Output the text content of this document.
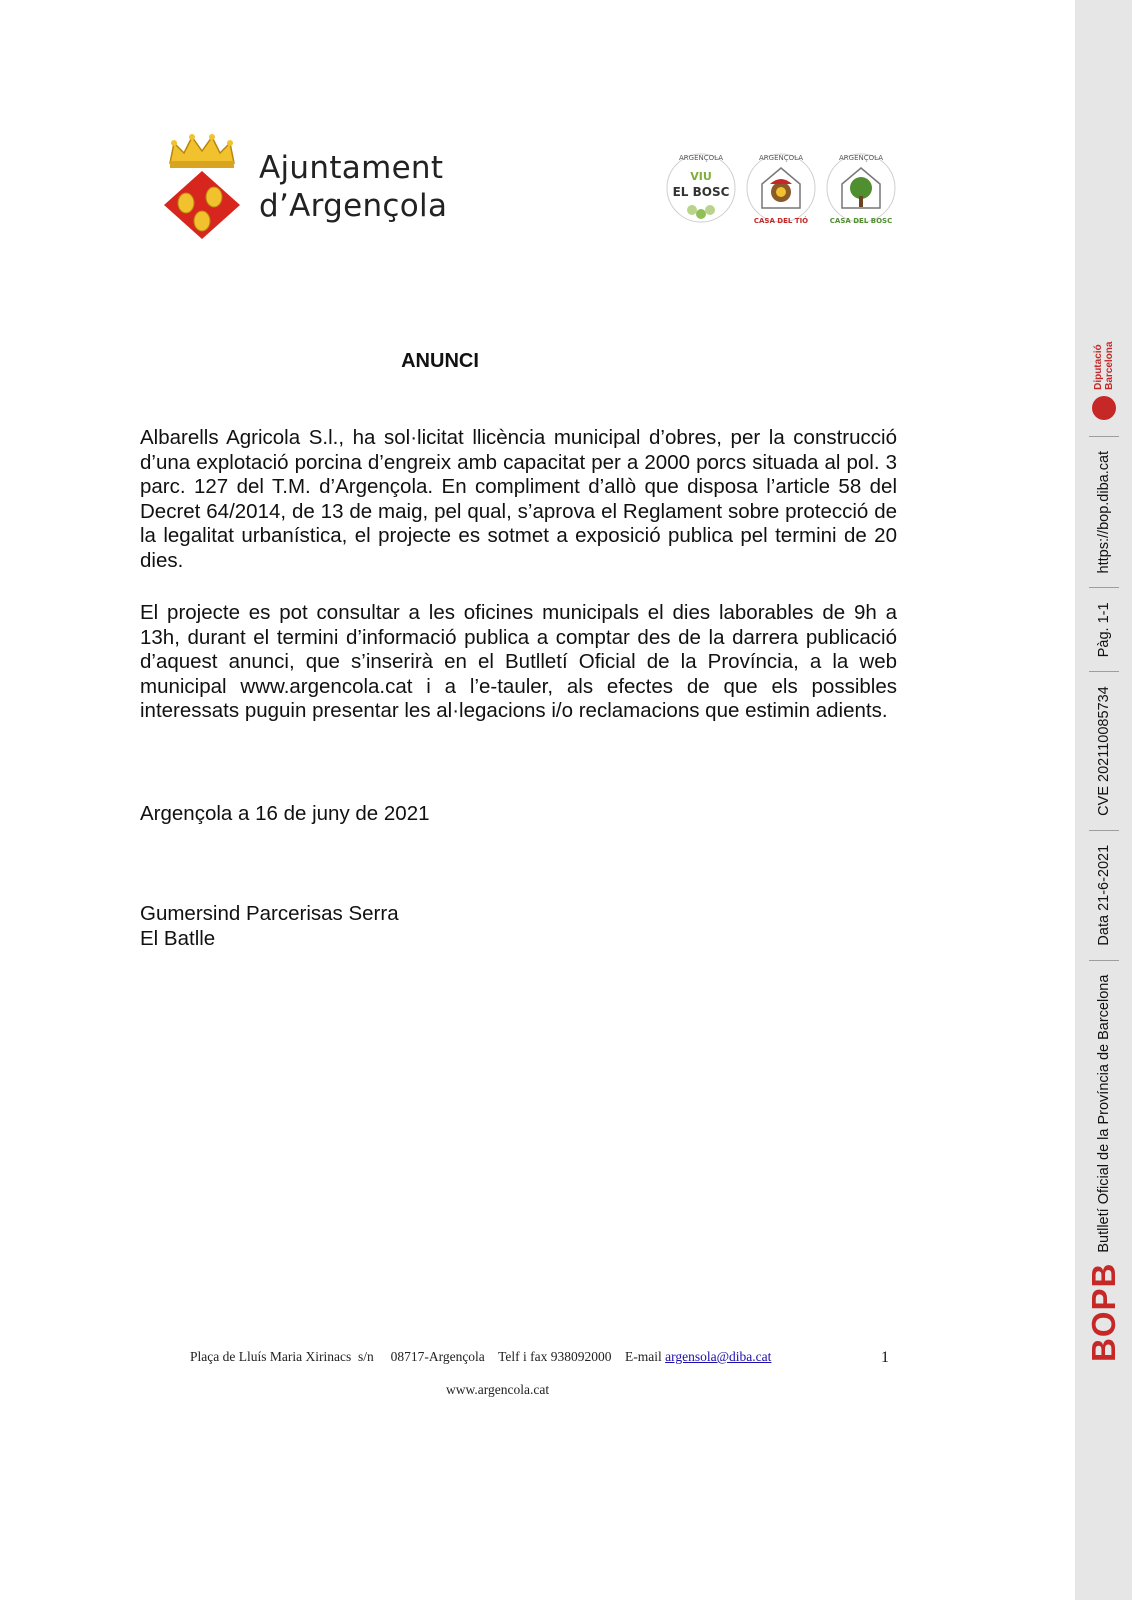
Ajuntament
d’Argençola
ARGENÇOLA
VIU
EL BOSC
ARGENÇOLA
CASA DEL TIÓ
ARGENÇOLA
CASA DEL BOSC
ANUNCI

Albarells Agricola S.l., ha sol·licitat llicència municipal d’obres, per la construcció d’una explotació porcina d’engreix amb capacitat per a 2000 porcs situada al pol. 3 parc. 127 del T.M. d’Argençola. En compliment d’allò que disposa l’article 58 del Decret 64/2014, de 13 de maig, pel qual, s’aprova el Reglament sobre protecció de la legalitat urbanística, el projecte es sotmet a exposició publica pel termini de 20 dies.

El projecte es pot consultar a les oficines municipals el dies laborables de 9h a 13h, durant el termini d’informació publica a comptar des de la darrera publicació d’aquest anunci, que s’inserirà en el Butlletí Oficial de la Província, a la web municipal www.argencola.cat i a l’e-tauler, als efectes de que els possibles interessats puguin presentar les al·legacions i/o reclamacions que estimin adients.

Argençola a 16 de juny de 2021
Gumersind Parcerisas Serra
El Batlle
Plaça de Lluís Maria Xirinacs  s/n 08717-Argençola Telf i fax 938092000 E-mail argensola@diba.cat	1
www.argencola.cat
BOPB
Butlletí Oficial de la Província de Barcelona
Data 21-6-2021
CVE 202110085734
Pàg. 1-1
https://bop.diba.cat
Diputació Barcelona
